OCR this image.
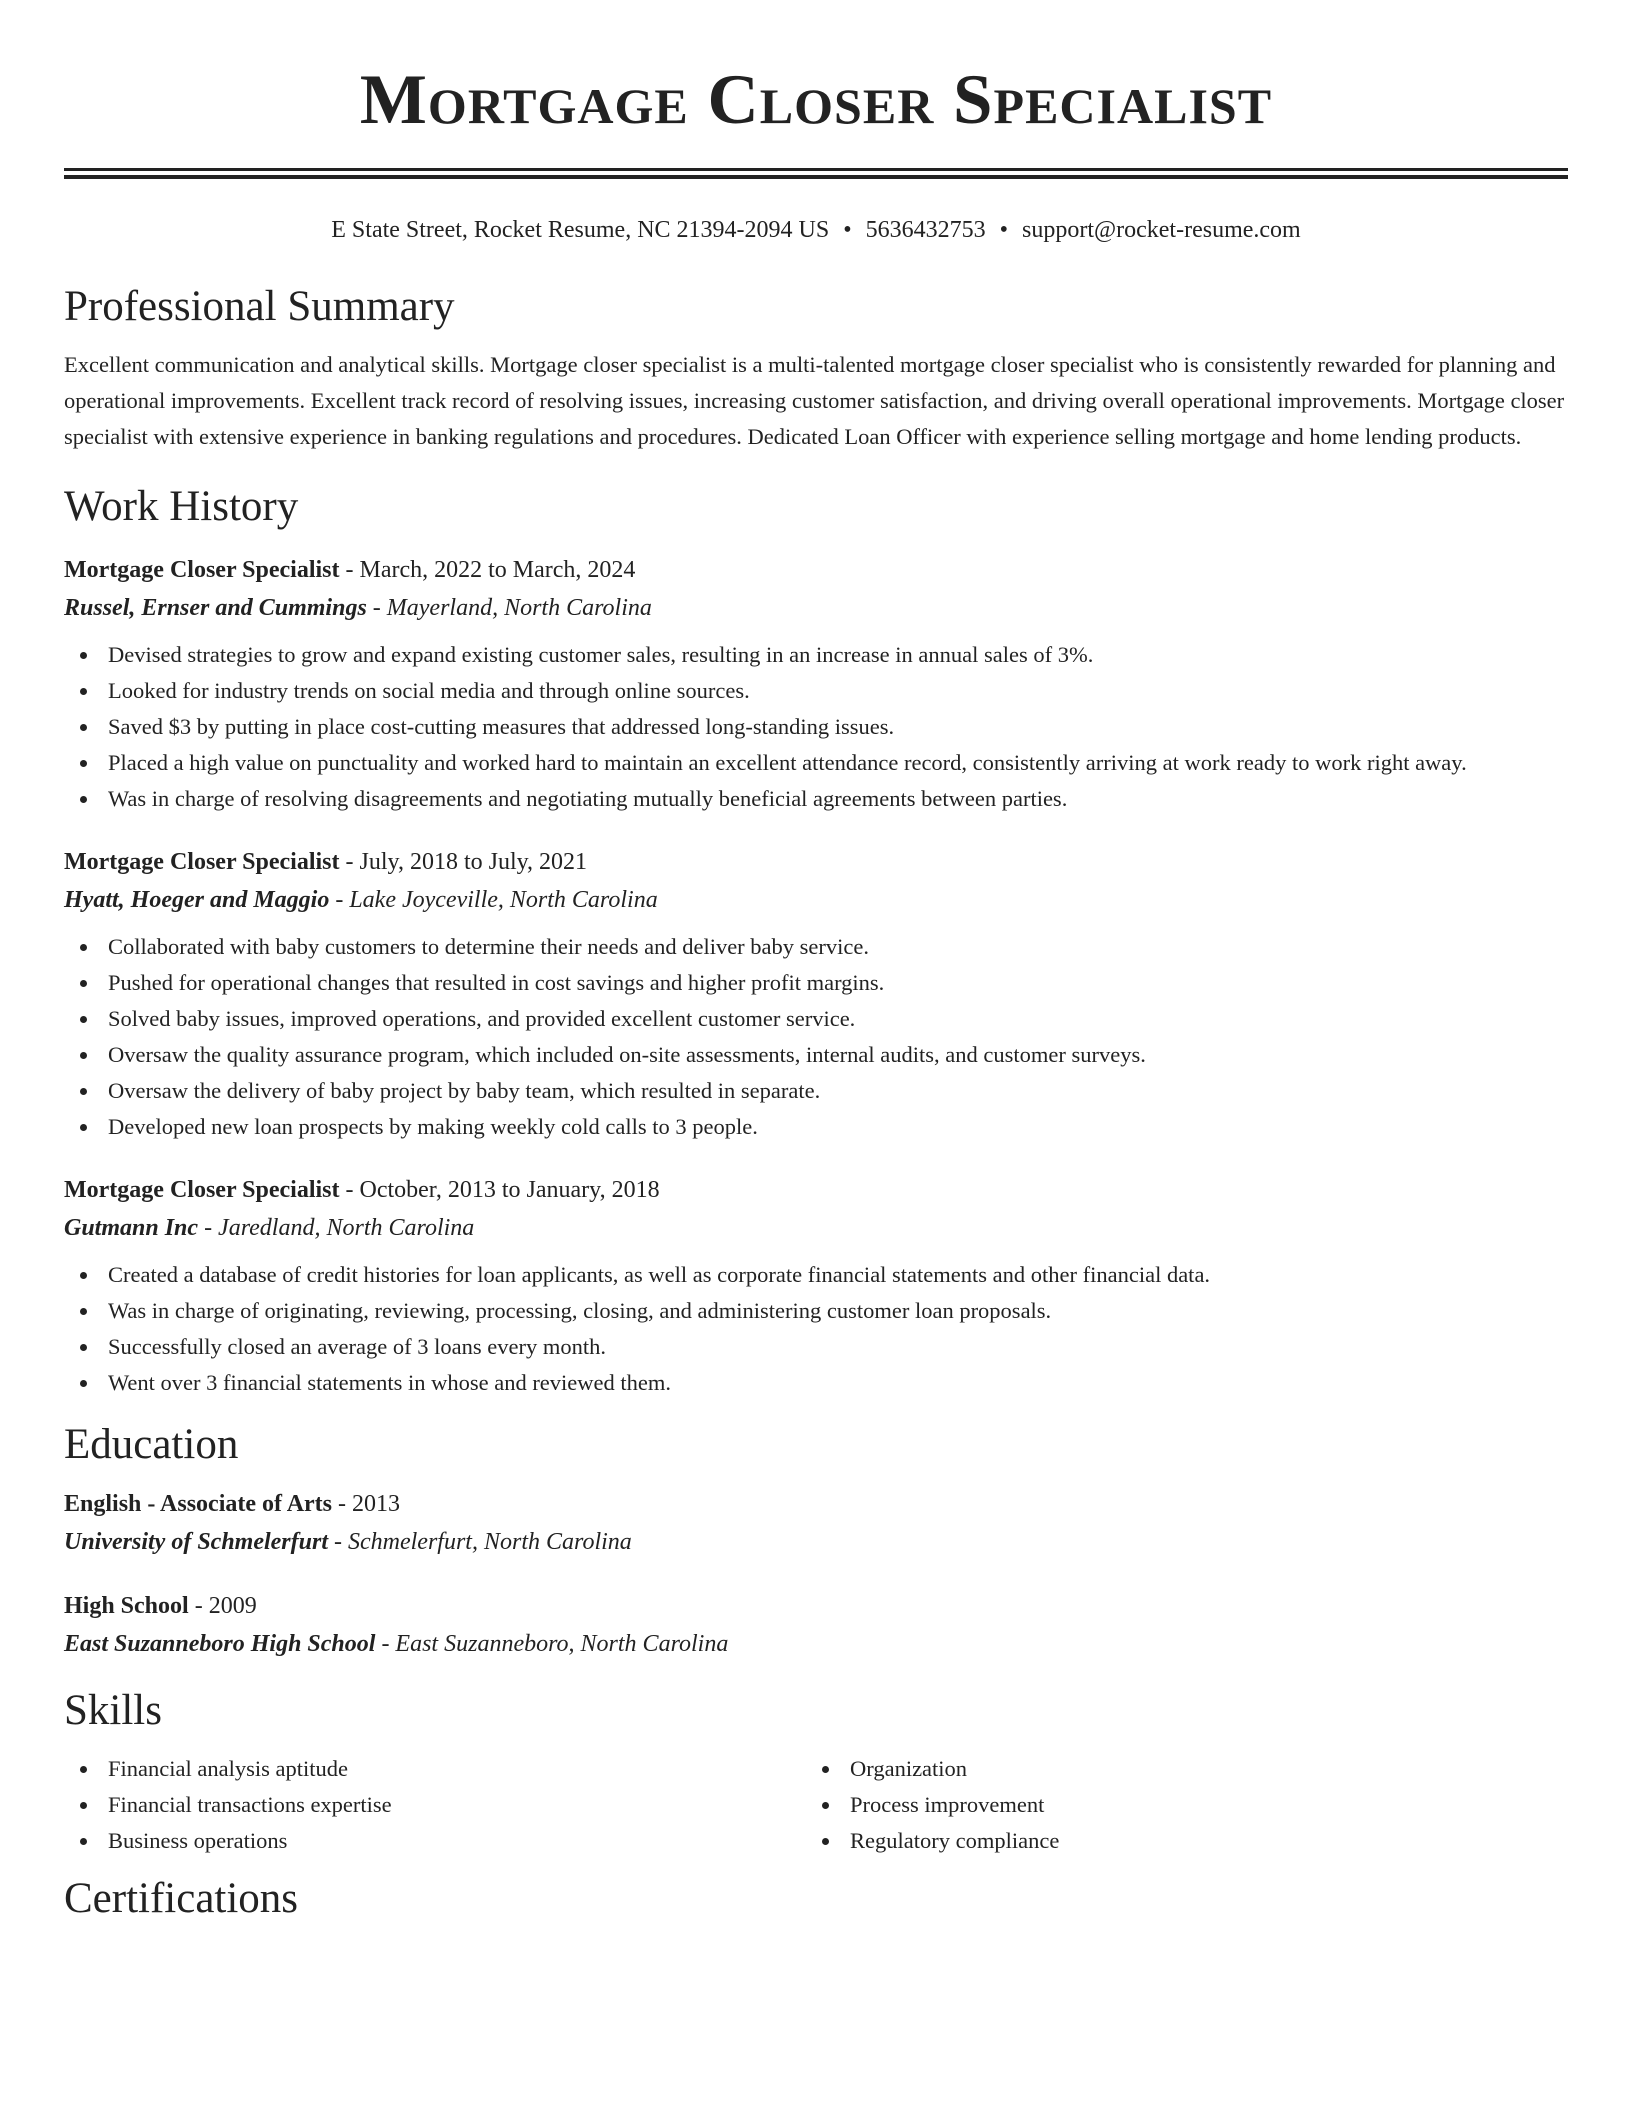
Mortgage Closer Specialist
E State Street, Rocket Resume, NC 21394-2094 US • 5636432753 • support@rocket-resume.com
Professional Summary

Excellent communication and analytical skills. Mortgage closer specialist is a multi-talented mortgage closer specialist who is consistently rewarded for planning and operational improvements. Excellent track record of resolving issues, increasing customer satisfaction, and driving overall operational improvements. Mortgage closer specialist with extensive experience in banking regulations and procedures. Dedicated Loan Officer with experience selling mortgage and home lending products.

Work History
Mortgage Closer Specialist - March, 2022 to March, 2024
Russel, Ernser and Cummings - Mayerland, North Carolina
Devised strategies to grow and expand existing customer sales, resulting in an increase in annual sales of 3%.
Looked for industry trends on social media and through online sources.
Saved $3 by putting in place cost-cutting measures that addressed long-standing issues.
Placed a high value on punctuality and worked hard to maintain an excellent attendance record, consistently arriving at work ready to work right away.
Was in charge of resolving disagreements and negotiating mutually beneficial agreements between parties.
Mortgage Closer Specialist - July, 2018 to July, 2021
Hyatt, Hoeger and Maggio - Lake Joyceville, North Carolina
Collaborated with baby customers to determine their needs and deliver baby service.
Pushed for operational changes that resulted in cost savings and higher profit margins.
Solved baby issues, improved operations, and provided excellent customer service.
Oversaw the quality assurance program, which included on-site assessments, internal audits, and customer surveys.
Oversaw the delivery of baby project by baby team, which resulted in separate.
Developed new loan prospects by making weekly cold calls to 3 people.
Mortgage Closer Specialist - October, 2013 to January, 2018
Gutmann Inc - Jaredland, North Carolina
Created a database of credit histories for loan applicants, as well as corporate financial statements and other financial data.
Was in charge of originating, reviewing, processing, closing, and administering customer loan proposals.
Successfully closed an average of 3 loans every month.
Went over 3 financial statements in whose and reviewed them.
Education
English - Associate of Arts - 2013
University of Schmelerfurt - Schmelerfurt, North Carolina
High School - 2009
East Suzanneboro High School - East Suzanneboro, North Carolina
Skills
Financial analysis aptitude
Financial transactions expertise
Business operations
Organization
Process improvement
Regulatory compliance
Certifications
